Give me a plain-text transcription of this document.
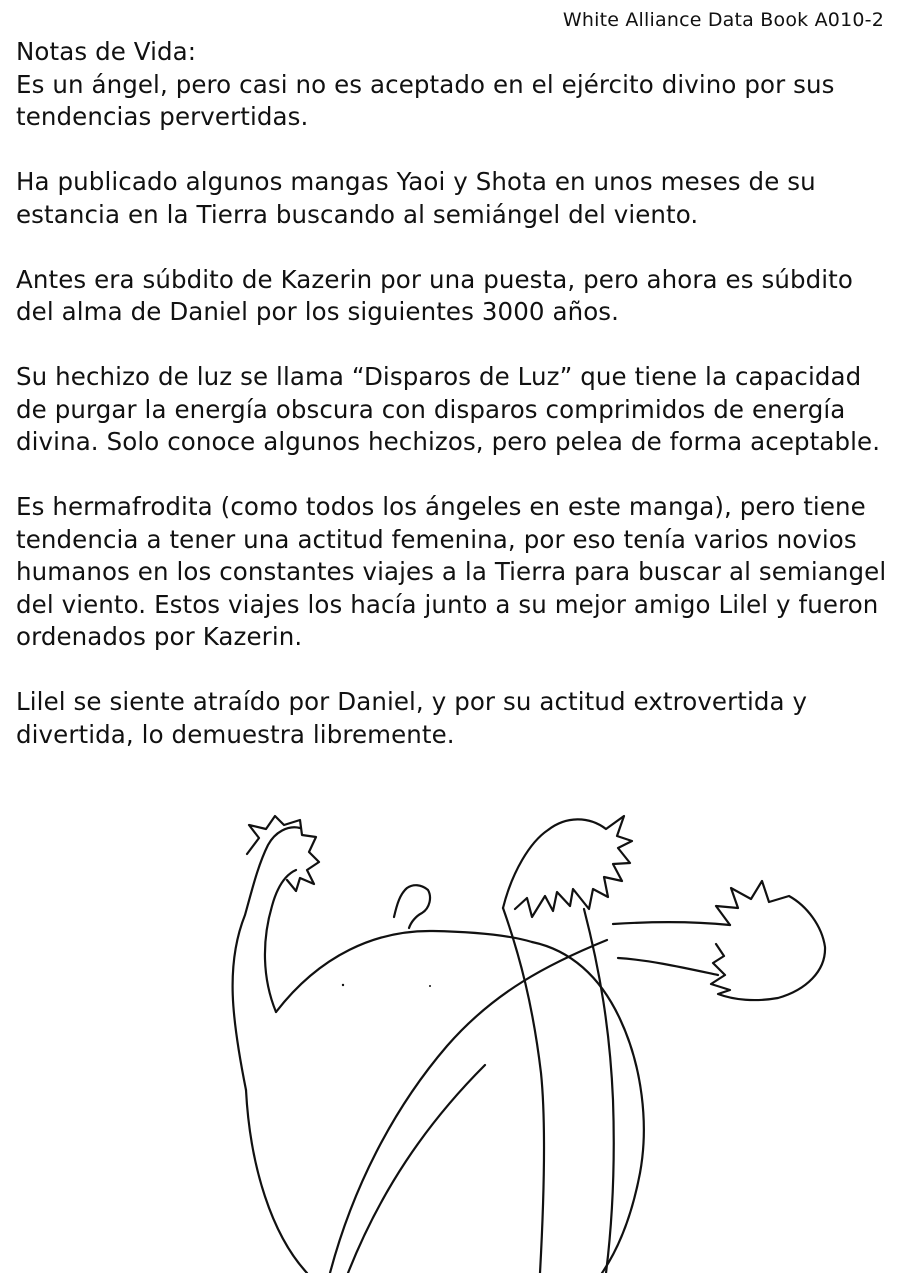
White Alliance Data Book A010-2
Notas de Vida:

Es un ángel, pero casi no es aceptado en el ejército divino por sus tendencias pervertidas.

Ha publicado algunos mangas Yaoi y Shota en unos meses de su estancia en la Tierra buscando al semiángel del viento.

Antes era súbdito de Kazerin por una puesta, pero ahora es súbdito del alma de Daniel por los siguientes 3000 años.

Su hechizo de luz se llama “Disparos de Luz” que tiene la capacidad de purgar la energía obscura con disparos comprimidos de energía divina. Solo conoce algunos hechizos, pero pelea de forma aceptable.

Es hermafrodita (como todos los ángeles en este manga), pero tiene tendencia a tener una actitud femenina, por eso tenía varios novios humanos en los constantes viajes a la Tierra para buscar al semiangel del viento. Estos viajes los hacía junto a su mejor amigo Lilel y fueron ordenados por Kazerin.

Lilel se siente atraído por Daniel, y por su actitud extrovertida y divertida, lo demuestra libremente.
